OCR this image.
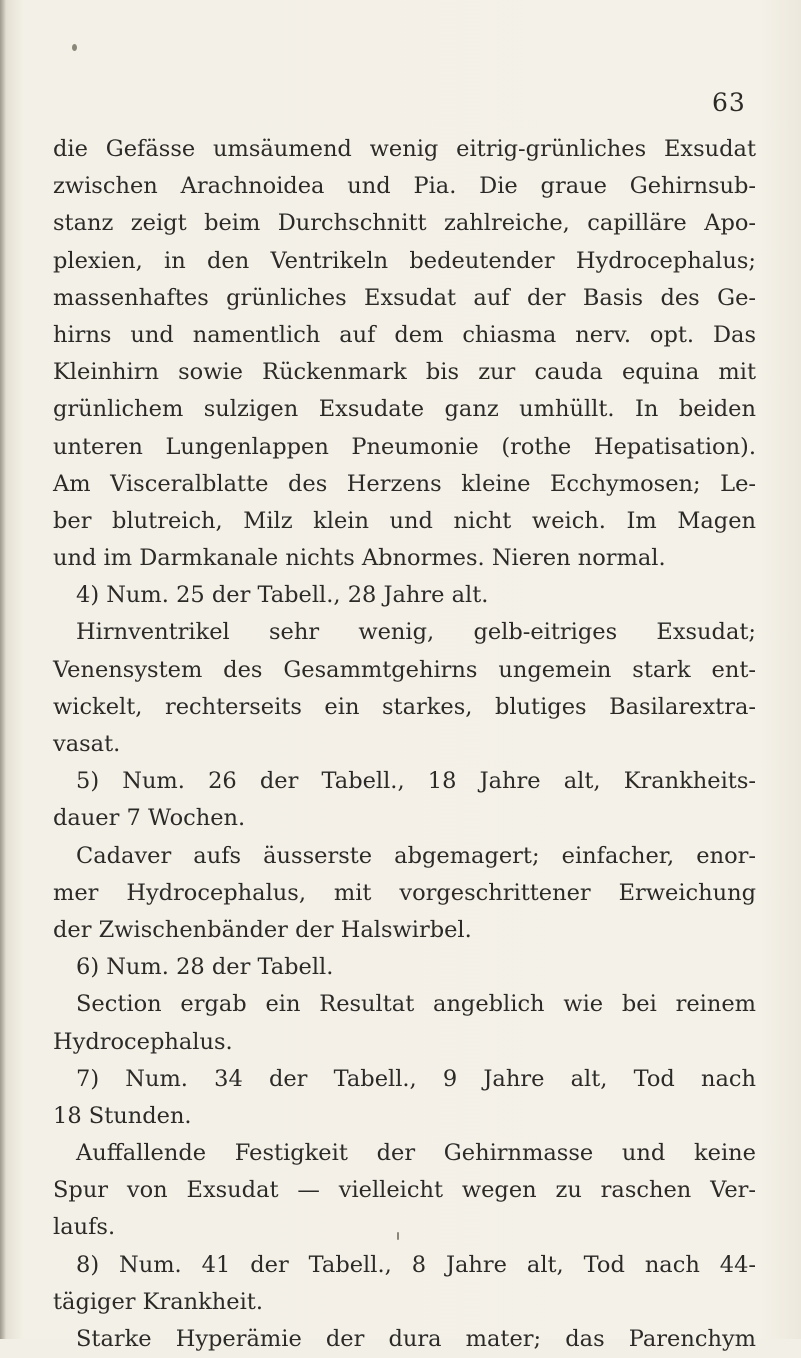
63
die Gefässe umsäumend wenig eitrig-grünliches Exsudat
zwischen Arachnoidea und Pia. Die graue Gehirnsub-
stanz zeigt beim Durchschnitt zahlreiche, capilläre Apo-
plexien, in den Ventrikeln bedeutender Hydrocephalus;
massenhaftes grünliches Exsudat auf der Basis des Ge-
hirns und namentlich auf dem chiasma nerv. opt. Das
Kleinhirn sowie Rückenmark bis zur cauda equina mit
grünlichem sulzigen Exsudate ganz umhüllt. In beiden
unteren Lungenlappen Pneumonie (rothe Hepatisation).
Am Visceralblatte des Herzens kleine Ecchymosen; Le-
ber blutreich, Milz klein und nicht weich. Im Magen
und im Darmkanale nichts Abnormes. Nieren normal.
4) Num. 25 der Tabell., 28 Jahre alt.
Hirnventrikel sehr wenig, gelb-eitriges Exsudat;
Venensystem des Gesammtgehirns ungemein stark ent-
wickelt, rechterseits ein starkes, blutiges Basilarextra-
vasat.
5) Num. 26 der Tabell., 18 Jahre alt, Krankheits-
dauer 7 Wochen.
Cadaver aufs äusserste abgemagert; einfacher, enor-
mer Hydrocephalus, mit vorgeschrittener Erweichung
der Zwischenbänder der Halswirbel.
6) Num. 28 der Tabell.
Section ergab ein Resultat angeblich wie bei reinem
Hydrocephalus.
7) Num. 34 der Tabell., 9 Jahre alt, Tod nach
18 Stunden.
Auffallende Festigkeit der Gehirnmasse und keine
Spur von Exsudat — vielleicht wegen zu raschen Ver-
laufs.
8) Num. 41 der Tabell., 8 Jahre alt, Tod nach 44-
tägiger Krankheit.
Starke Hyperämie der dura mater; das Parenchym
